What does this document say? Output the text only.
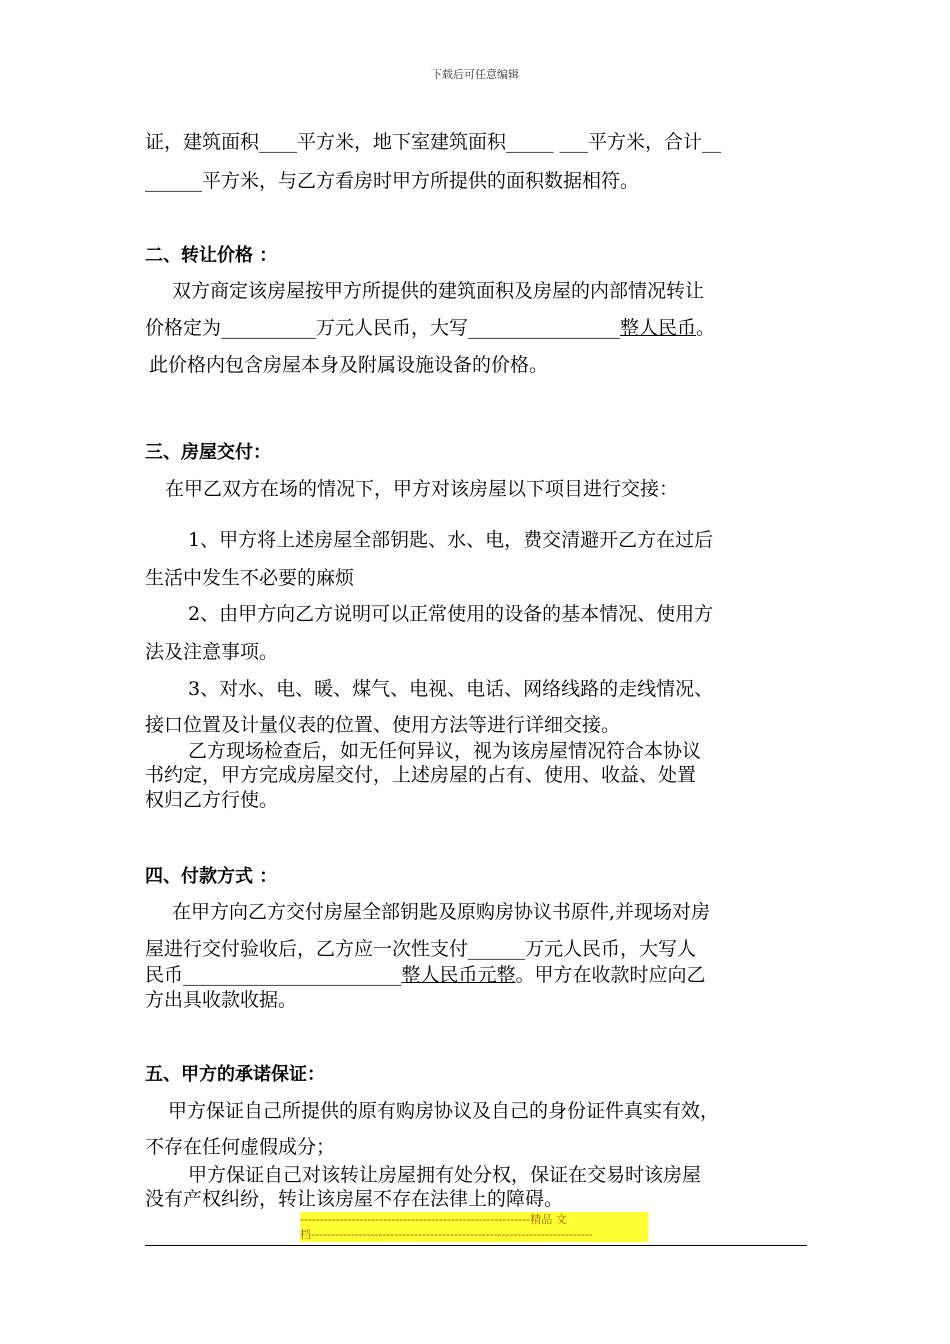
下载后可任意编辑
证，建筑面积____平方米，地下室建筑面积_____ ___平方米，合计__
______平方米，与乙方看房时甲方所提供的面积数据相符。
二、转让价格 ：
双方商定该房屋按甲方所提供的建筑面积及房屋的内部情况转让
价格定为__________万元人民币，大写________________整人民币。
此价格内包含房屋本身及附属设施设备的价格。
三、房屋交付：
在甲乙双方在场的情况下，甲方对该房屋以下项目进行交接：
1、甲方将上述房屋全部钥匙、水、电，费交清避开乙方在过后
生活中发生不必要的麻烦
2、由甲方向乙方说明可以正常使用的设备的基本情况、使用方
法及注意事项。
3、对水、电、暖、煤气、电视、电话、网络线路的走线情况、
接口位置及计量仪表的位置、使用方法等进行详细交接。
乙方现场检查后，如无任何异议，视为该房屋情况符合本协议
书约定，甲方完成房屋交付，上述房屋的占有、使用、收益、处置
权归乙方行使。
四、付款方式 ：
在甲方向乙方交付房屋全部钥匙及原购房协议书原件,并现场对房
屋进行交付验收后，乙方应一次性支付______万元人民币，大写人
民币_______________________整人民币元整。甲方在收款时应向乙
方出具收款收据。
五、甲方的承诺保证：
甲方保证自己所提供的原有购房协议及自己的身份证件真实有效，
不存在任何虚假成分；
甲方保证自己对该转让房屋拥有处分权，保证在交易时该房屋
没有产权纠纷，转让该房屋不存在法律上的障碍。
----------------------------------------------------------精品 文
档-----------------------------------------------------------------------
